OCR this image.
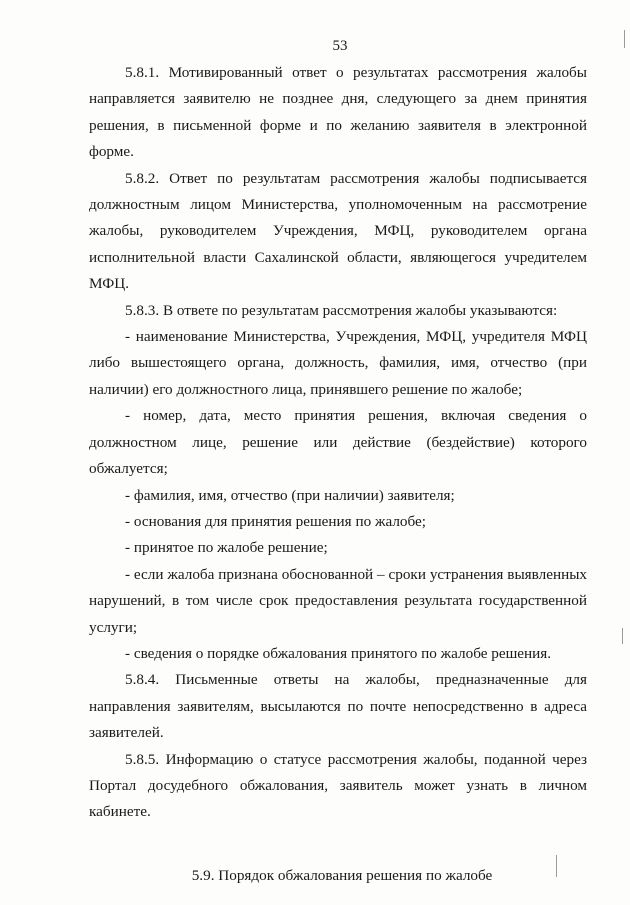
53

5.8.1. Мотивированный ответ о результатах рассмотрения жалобы направляется заявителю не позднее дня, следующего за днем принятия решения, в письменной форме и по желанию заявителя в электронной форме.

5.8.2. Ответ по результатам рассмотрения жалобы подписывается должностным лицом Министерства, уполномоченным на рассмотрение жалобы, руководителем Учреждения, МФЦ, руководителем органа исполнительной власти Сахалинской области, являющегося учредителем МФЦ.

5.8.3. В ответе по результатам рассмотрения жалобы указываются:

- наименование Министерства, Учреждения, МФЦ, учредителя МФЦ либо вышестоящего органа, должность, фамилия, имя, отчество (при наличии) его должностного лица, принявшего решение по жалобе;

- номер, дата, место принятия решения, включая сведения о должностном лице, решение или действие (бездействие) которого обжалуется;

- фамилия, имя, отчество (при наличии) заявителя;

- основания для принятия решения по жалобе;

- принятое по жалобе решение;

- если жалоба признана обоснованной – сроки устранения выявленных нарушений, в том числе срок предоставления результата государственной услуги;

- сведения о порядке обжалования принятого по жалобе решения.

5.8.4. Письменные ответы на жалобы, предназначенные для направления заявителям, высылаются по почте непосредственно в адреса заявителей.

5.8.5. Информацию о статусе рассмотрения жалобы, поданной через Портал досудебного обжалования, заявитель может узнать в личном кабинете.

5.9. Порядок обжалования решения по жалобе
